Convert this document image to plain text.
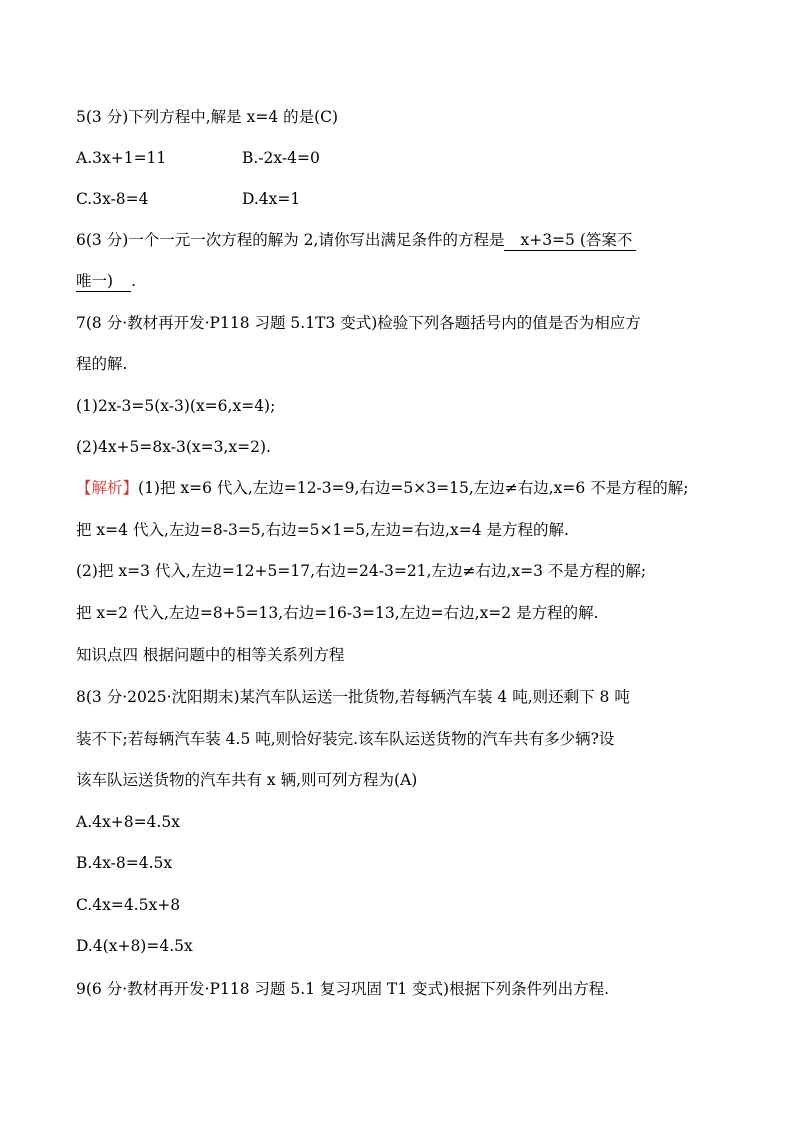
5(3 分)下列方程中,解是 x=4 的是(C)
A.3x+1=11	B.-2x-4=0
C.3x-8=4	D.4x=1
6(3 分)一个一元一次方程的解为 2,请你写出满足条件的方程是 x+3=5 (答案不
唯一) .
7(8 分·教材再开发·P118 习题 5.1T3 变式)检验下列各题括号内的值是否为相应方
程的解.
(1)2x-3=5(x-3)(x=6,x=4);
(2)4x+5=8x-3(x=3,x=2).
【解析】(1)把 x=6 代入,左边=12-3=9,右边=5×3=15,左边≠右边,x=6 不是方程的解;
把 x=4 代入,左边=8-3=5,右边=5×1=5,左边=右边,x=4 是方程的解.
(2)把 x=3 代入,左边=12+5=17,右边=24-3=21,左边≠右边,x=3 不是方程的解;
把 x=2 代入,左边=8+5=13,右边=16-3=13,左边=右边,x=2 是方程的解.
知识点四 根据问题中的相等关系列方程
8(3 分·2025·沈阳期末)某汽车队运送一批货物,若每辆汽车装 4 吨,则还剩下 8 吨
装不下;若每辆汽车装 4.5 吨,则恰好装完.该车队运送货物的汽车共有多少辆?设
该车队运送货物的汽车共有 x 辆,则可列方程为(A)
A.4x+8=4.5x
B.4x-8=4.5x
C.4x=4.5x+8
D.4(x+8)=4.5x
9(6 分·教材再开发·P118 习题 5.1 复习巩固 T1 变式)根据下列条件列出方程.
